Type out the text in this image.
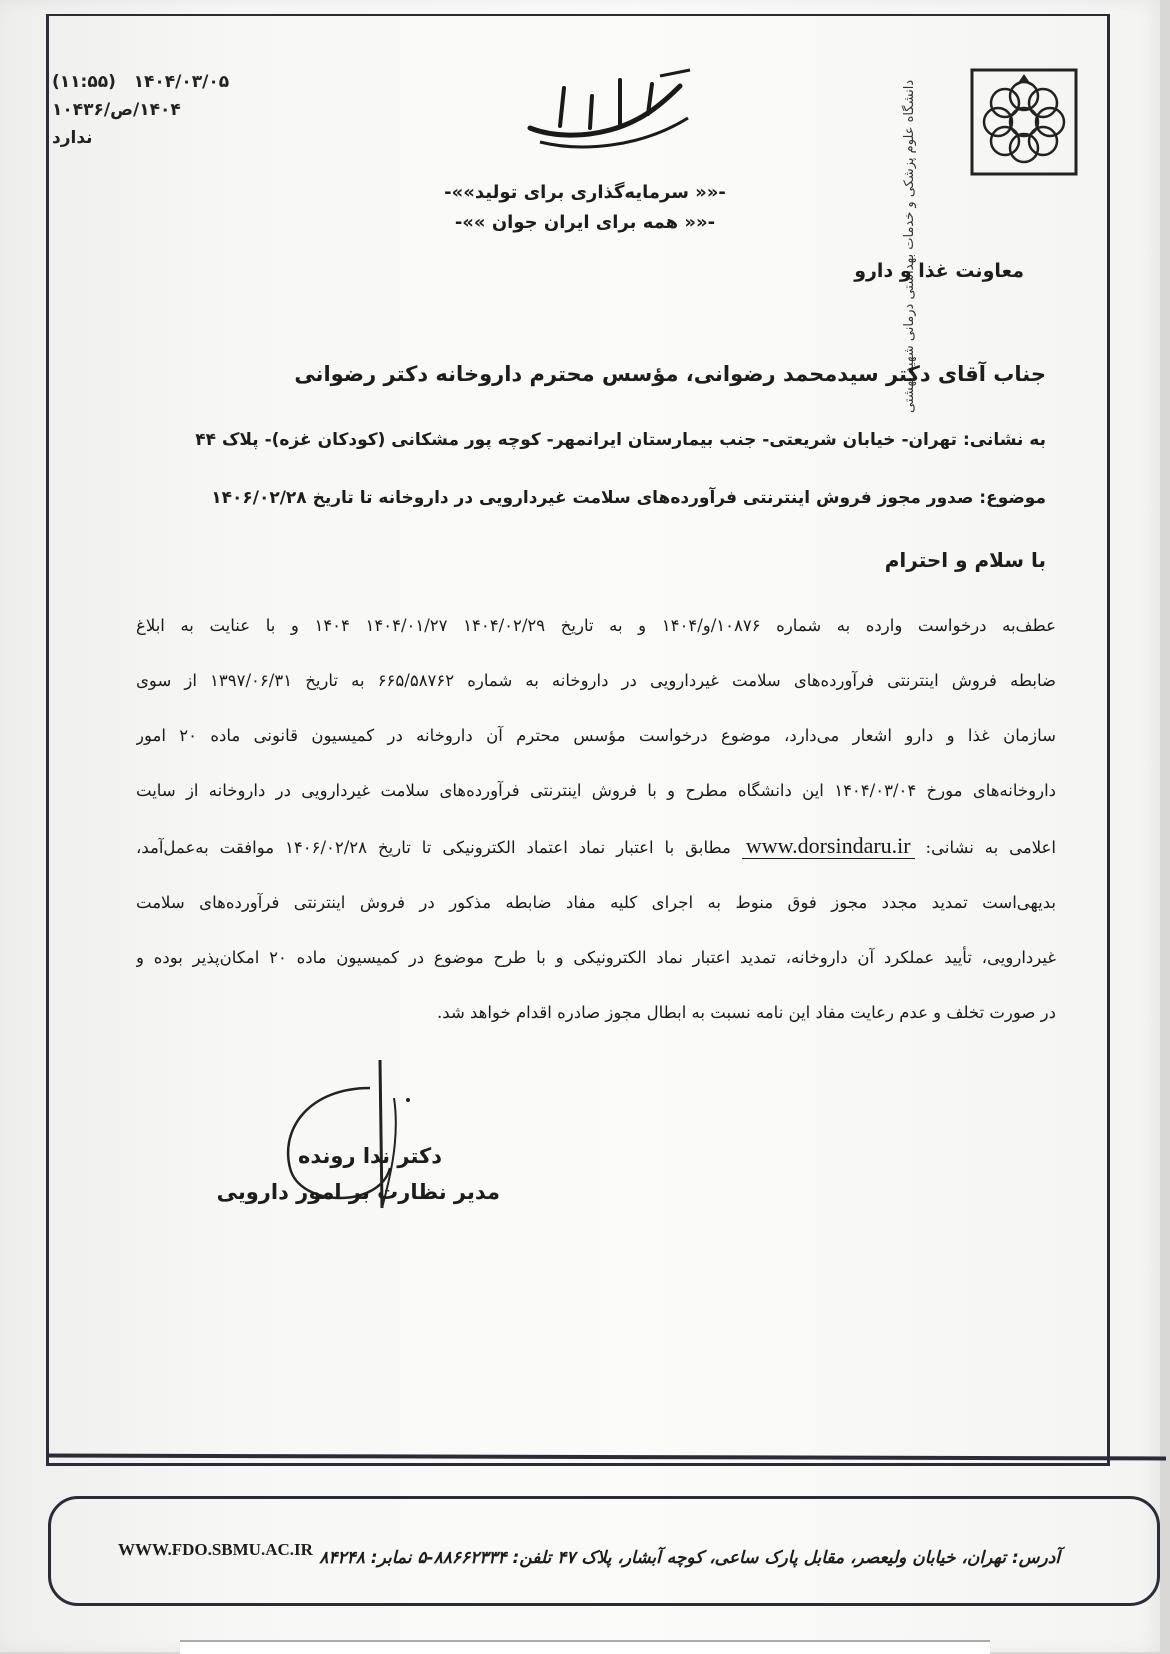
۱۴۰۴/۰۳/۰۵   (۱۱:۵۵)
۱۴۰۴/ص/۱۰۴۳۶
ندارد
بسمه تعالی
-«« سرمایه‌گذاری برای تولید»»-
-«« همه برای ایران جوان »»-	دانشگاه علوم پزشکی و خدمات بهداشتی درمانی شهید بهشتی
معاونت غذا و دارو
جناب آقای دکتر سیدمحمد رضوانی، مؤسس محترم داروخانه دکتر رضوانی
به نشانی: تهران- خیابان شریعتی- جنب بیمارستان ایرانمهر- کوچه پور مشکانی (کودکان غزه)- پلاک ۴۴
موضوع: صدور مجوز فروش اینترنتی فرآورده‌های سلامت غیردارویی در داروخانه تا تاریخ ۱۴۰۶/۰۲/۲۸
با سلام و احترام
عطف‌به درخواست وارده به شماره ۱۰۸۷۶/و/۱۴۰۴ و به تاریخ ۱۴۰۴/۰۲/۲۹ ۱۴۰۴/۰۱/۲۷ ۱۴۰۴ و با عنایت به ابلاغ
ضابطه فروش اینترنتی فرآورده‌های سلامت غیردارویی در داروخانه به شماره ۶۶۵/۵۸۷۶۲ به تاریخ ۱۳۹۷/۰۶/۳۱ از سوی
سازمان غذا و دارو اشعار می‌دارد، موضوع درخواست مؤسس محترم آن داروخانه در کمیسیون قانونی ماده ۲۰ امور
داروخانه‌های مورخ ۱۴۰۴/۰۳/۰۴ این دانشگاه مطرح و با فروش اینترنتی فرآورده‌های سلامت غیردارویی در داروخانه از سایت
اعلامی به نشانی: www.dorsindaru.ir مطابق با اعتبار نماد اعتماد الکترونیکی تا تاریخ ۱۴۰۶/۰۲/۲۸ موافقت به‌عمل‌آمد،
بدیهی‌است تمدید مجدد مجوز فوق منوط به اجرای کلیه مفاد ضابطه مذکور در فروش اینترنتی فرآورده‌های سلامت
غیردارویی، تأیید عملکرد آن داروخانه، تمدید اعتبار نماد الکترونیکی و با طرح موضوع در کمیسیون ماده ۲۰ امکان‌پذیر بوده و
در صورت تخلف و عدم رعایت مفاد این نامه نسبت به ابطال مجوز صادره اقدام خواهد شد.
دکتر ندا رونده
مدیر نظارت بر امور دارویی
آدرس: تهران، خیابان ولیعصر، مقابل پارک ساعی، کوچه آبشار، پلاک ۴۷ تلفن: ۸۸۶۶۲۳۳۴-۵ نمابر: ۸۴۲۴۸
WWW.FDO.SBMU.AC.IR
